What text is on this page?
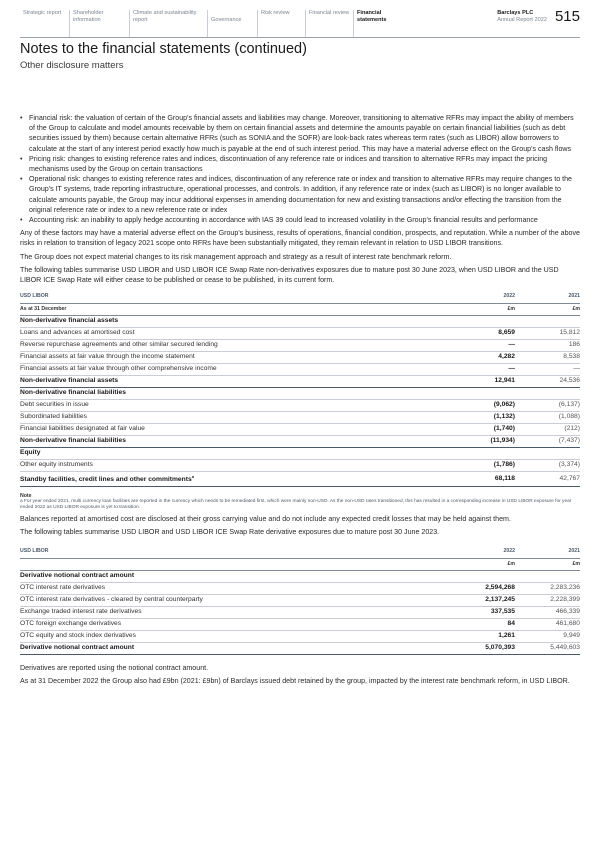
Strategic report	Shareholder information
Climate and sustainability report	Governance
Risk review	Financial review	Financial statements
Barclays PLC
Annual Report 2022 515
Notes to the financial statements (continued)
Other disclosure matters
• Financial risk: the valuation of certain of the Group's financial assets and liabilities may change. Moreover, transitioning to alternative RFRs may impact the ability of members of the Group to calculate and model amounts receivable by them on certain financial assets and determine the amounts payable on certain financial liabilities (such as debt securities issued by them) because certain alternative RFRs (such as SONIA and the SOFR) are look-back rates whereas term rates (such as LIBOR) allow borrowers to calculate at the start of any interest period exactly how much is payable at the end of such interest period. This may have a material adverse effect on the Group's cash flows
• Pricing risk: changes to existing reference rates and indices, discontinuation of any reference rate or indices and transition to alternative RFRs may impact the pricing mechanisms used by the Group on certain transactions
• Operational risk: changes to existing reference rates and indices, discontinuation of any reference rate or index and transition to alternative RFRs may require changes to the Group's IT systems, trade reporting infrastructure, operational processes, and controls. In addition, if any reference rate or index (such as LIBOR) is no longer available to calculate amounts payable, the Group may incur additional expenses in amending documentation for new and existing transactions and/or effecting the transition from the original reference rate or index to a new reference rate or index
• Accounting risk: an inability to apply hedge accounting in accordance with IAS 39 could lead to increased volatility in the Group's financial results and performance

Any of these factors may have a material adverse effect on the Group's business, results of operations, financial condition, prospects, and reputation. While a number of the above risks in relation to transition of legacy 2021 scope onto RFRs have been substantially mitigated, they remain relevant in relation to USD LIBOR transitions.

The Group does not expect material changes to its risk management approach and strategy as a result of interest rate benchmark reform.

The following tables summarise USD LIBOR and USD LIBOR ICE Swap Rate non-derivatives exposures due to mature post 30 June 2023, when USD LIBOR and the USD LIBOR ICE Swap Rate will either cease to be published or cease to be published, in its current form.

USD LIBOR	2022	2021
As at 31 December	£m	£m
Non-derivative financial assets		
Loans and advances at amortised cost	8,659	15,812
Reverse repurchase agreements and other similar secured lending	—	186
Financial assets at fair value through the income statement	4,282	8,538
Financial assets at fair value through other comprehensive income	—	—
Non-derivative financial assets	12,941	24,536
Non-derivative financial liabilities		
Debt securities in issue	(9,062)	(6,137)
Subordinated liabilities	(1,132)	(1,088)
Financial liabilities designated at fair value	(1,740)	(212)
Non-derivative financial liabilities	(11,934)	(7,437)
Equity		
Other equity instruments	(1,786)	(3,374)
Standby facilities, credit lines and other commitments$^a$	68,118	42,767
Note
a For year ended 2021, multi currency loan facilities are reported in the currency which needs to be remediated first, which were mainly non-USD. As the non-USD rates transitioned, this has resulted in a corresponding increase in USD LIBOR exposure for year ended 2022 as USD LIBOR exposure is yet to transition.

Balances reported at amortised cost are disclosed at their gross carrying value and do not include any expected credit losses that may be held against them.

The following tables summarise USD LIBOR and USD LIBOR ICE Swap Rate derivative exposures due to mature post 30 June 2023.

USD LIBOR	2022	2021
	£m	£m
Derivative notional contract amount		
OTC interest rate derivatives	2,594,268	2,283,236
OTC interest rate derivatives - cleared by central counterparty	2,137,245	2,228,399
Exchange traded interest rate derivatives	337,535	466,339
OTC foreign exchange derivatives	84	461,680
OTC equity and stock index derivatives	1,261	9,949
Derivative notional contract amount	5,070,393	5,449,603

Derivatives are reported using the notional contract amount.

As at 31 December 2022 the Group also had £9bn (2021: £9bn) of Barclays issued debt retained by the group, impacted by the interest rate benchmark reform, in USD LIBOR.
